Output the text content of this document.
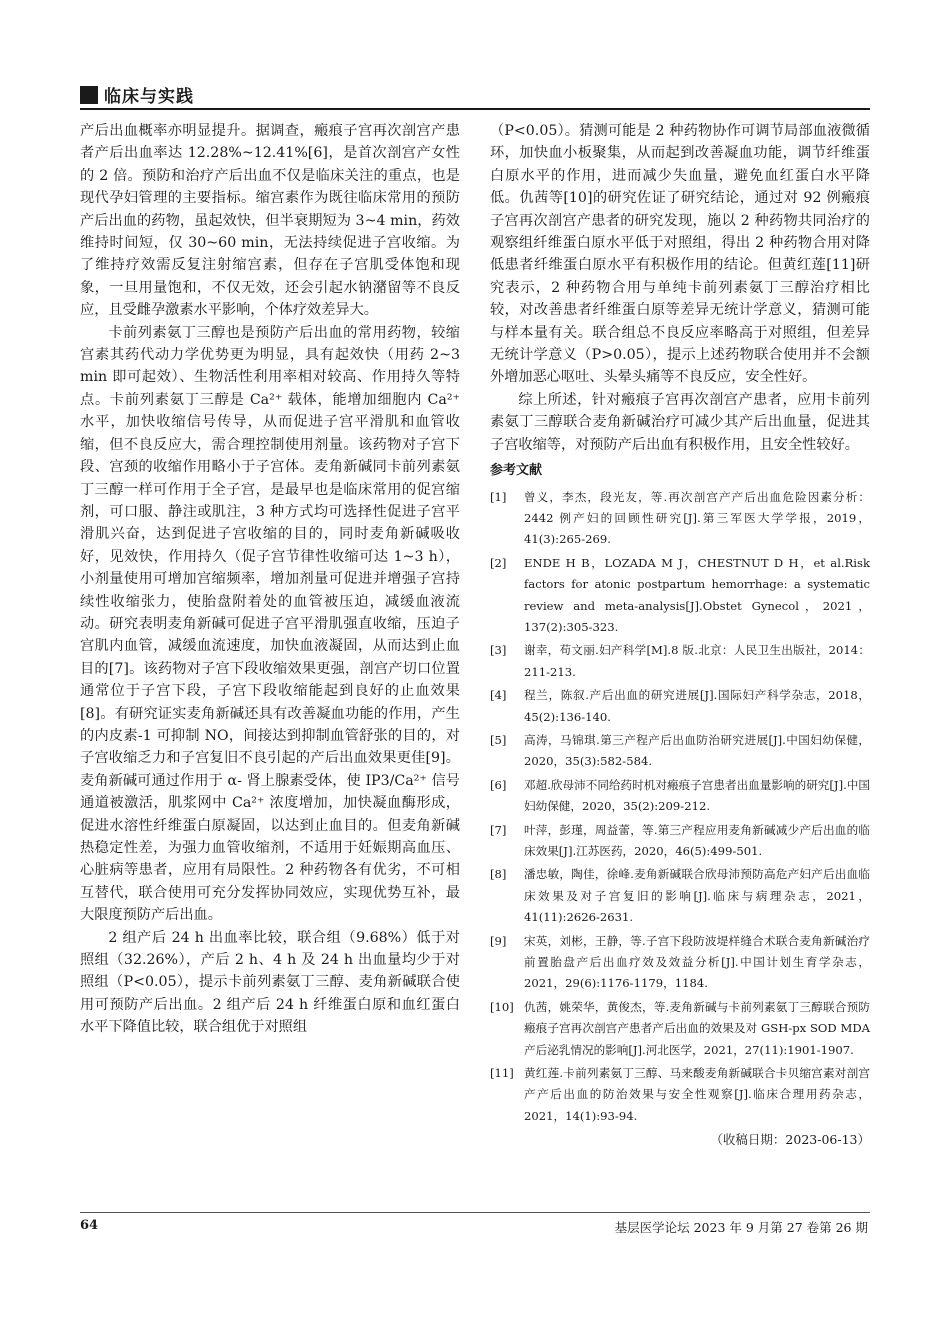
临床与实践

产后出血概率亦明显提升。据调查，瘢痕子宫再次剖宫产患者产后出血率达 12.28%~12.41%[6]，是首次剖宫产女性的 2 倍。预防和治疗产后出血不仅是临床关注的重点，也是现代孕妇管理的主要指标。缩宫素作为既往临床常用的预防产后出血的药物，虽起效快，但半衰期短为 3~4 min，药效维持时间短，仅 30~60 min，无法持续促进子宫收缩。为了维持疗效需反复注射缩宫素，但存在子宫肌受体饱和现象，一旦用量饱和，不仅无效，还会引起水钠潴留等不良反应，且受雌孕激素水平影响，个体疗效差异大。

卡前列素氨丁三醇也是预防产后出血的常用药物，较缩宫素其药代动力学优势更为明显，具有起效快（用药 2~3 min 即可起效）、生物活性利用率相对较高、作用持久等特点。卡前列素氨丁三醇是 Ca²⁺ 载体，能增加细胞内 Ca²⁺ 水平，加快收缩信号传导，从而促进子宫平滑肌和血管收缩，但不良反应大，需合理控制使用剂量。该药物对子宫下段、宫颈的收缩作用略小于子宫体。麦角新碱同卡前列素氨丁三醇一样可作用于全子宫，是最早也是临床常用的促宫缩剂，可口服、静注或肌注，3 种方式均可选择性促进子宫平滑肌兴奋，达到促进子宫收缩的目的，同时麦角新碱吸收好，见效快，作用持久（促子宫节律性收缩可达 1~3 h），小剂量使用可增加宫缩频率，增加剂量可促进并增强子宫持续性收缩张力，使胎盘附着处的血管被压迫，减缓血液流动。研究表明麦角新碱可促进子宫平滑肌强直收缩，压迫子宫肌内血管，减缓血流速度，加快血液凝固，从而达到止血目的[7]。该药物对子宫下段收缩效果更强，剖宫产切口位置通常位于子宫下段，子宫下段收缩能起到良好的止血效果[8]。有研究证实麦角新碱还具有改善凝血功能的作用，产生的内皮素-1 可抑制 NO，间接达到抑制血管舒张的目的，对子宫收缩乏力和子宫复旧不良引起的产后出血效果更佳[9]。麦角新碱可通过作用于 α- 肾上腺素受体，使 IP3/Ca²⁺ 信号通道被激活，肌浆网中 Ca²⁺ 浓度增加，加快凝血酶形成，促进水溶性纤维蛋白原凝固，以达到止血目的。但麦角新碱热稳定性差，为强力血管收缩剂，不适用于妊娠期高血压、心脏病等患者，应用有局限性。2 种药物各有优劣，不可相互替代，联合使用可充分发挥协同效应，实现优势互补，最大限度预防产后出血。

2 组产后 24 h 出血率比较，联合组（9.68%）低于对照组（32.26%），产后 2 h、4 h 及 24 h 出血量均少于对照组（P<0.05），提示卡前列素氨丁三醇、麦角新碱联合使用可预防产后出血。2 组产后 24 h 纤维蛋白原和血红蛋白水平下降值比较，联合组优于对照组

（P<0.05）。猜测可能是 2 种药物协作可调节局部血液微循环，加快血小板聚集，从而起到改善凝血功能，调节纤维蛋白原水平的作用，进而减少失血量，避免血红蛋白水平降低。仇茜等[10]的研究佐证了研究结论，通过对 92 例瘢痕子宫再次剖宫产患者的研究发现，施以 2 种药物共同治疗的观察组纤维蛋白原水平低于对照组，得出 2 种药物合用对降低患者纤维蛋白原水平有积极作用的结论。但黄红莲[11]研究表示，2 种药物合用与单纯卡前列素氨丁三醇治疗相比较，对改善患者纤维蛋白原等差异无统计学意义，猜测可能与样本量有关。联合组总不良反应率略高于对照组，但差异无统计学意义（P>0.05），提示上述药物联合使用并不会额外增加恶心呕吐、头晕头痛等不良反应，安全性好。

综上所述，针对瘢痕子宫再次剖宫产患者，应用卡前列素氨丁三醇联合麦角新碱治疗可减少其产后出血量，促进其子宫收缩等，对预防产后出血有积极作用，且安全性较好。

参考文献
[1]	曾义，李杰，段光友，等.再次剖宫产产后出血危险因素分析：2442 例产妇的回顾性研究[J].第三军医大学学报，2019，41(3):265-269.
[2]	ENDE H B，LOZADA M J，CHESTNUT D H，et al.Risk factors for atonic postpartum hemorrhage: a systematic review and meta-analysis[J].Obstet Gynecol，2021，137(2):305-323.
[3]	谢幸，苟文丽.妇产科学[M].8 版.北京：人民卫生出版社，2014：211-213.
[4]	程兰，陈叙.产后出血的研究进展[J].国际妇产科学杂志，2018，45(2):136-140.
[5]	高涛，马锦琪.第三产程产后出血防治研究进展[J].中国妇幼保健，2020，35(3):582-584.
[6]	邓超.欣母沛不同给药时机对瘢痕子宫患者出血量影响的研究[J].中国妇幼保健，2020，35(2):209-212.
[7]	叶萍，彭瑾，周益蕾，等.第三产程应用麦角新碱减少产后出血的临床效果[J].江苏医药，2020，46(5):499-501.
[8]	潘忠敏，陶佳，徐峰.麦角新碱联合欣母沛预防高危产妇产后出血临床效果及对子宫复旧的影响[J].临床与病理杂志，2021，41(11):2626-2631.
[9]	宋英，刘彬，王静，等.子宫下段防波堤样缝合术联合麦角新碱治疗前置胎盘产后出血疗效及效益分析[J].中国计划生育学杂志，2021，29(6):1176-1179，1184.
[10] 仇茜，姚荣华，黄俊杰，等.麦角新碱与卡前列素氨丁三醇联合预防瘢痕子宫再次剖宫产患者产后出血的效果及对 GSH-px SOD MDA 产后泌乳情况的影响[J].河北医学，2021，27(11):1901-1907.
[11] 黄红莲.卡前列素氨丁三醇、马来酸麦角新碱联合卡贝缩宫素对剖宫产产后出血的防治效果与安全性观察[J].临床合理用药杂志，2021，14(1):93-94.
（收稿日期：2023-06-13）
64	基层医学论坛 2023 年 9 月第 27 卷第 26 期
